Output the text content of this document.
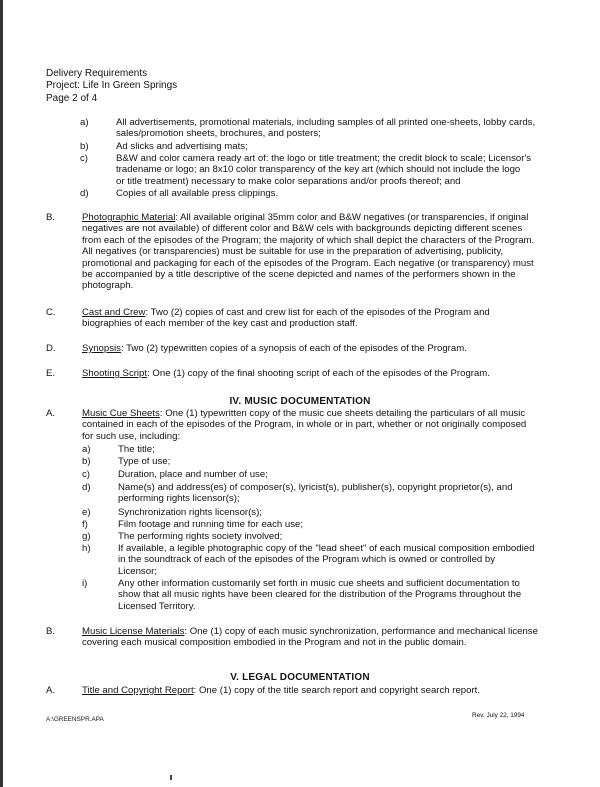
Delivery Requirements
Project: Life In Green Springs
Page 2 of 4
a)	All advertisements, promotional materials, including samples of all printed one-sheets, lobby cards,
sales/promotion sheets, brochures, and posters;
b)	Ad slicks and advertising mats;
c)	B&W and color camera ready art of: the logo or title treatment; the credit block to scale; Licensor's
tradename or logo; an 8x10 color transparency of the key art (which should not include the logo
or title treatment) necessary to make color separations and/or proofs thereof; and
d)	Copies of all available press clippings.
B.	Photographic Material: All available original 35mm color and B&W negatives (or transparencies, if original
negatives are not available) of different color and B&W cels with backgrounds depicting different scenes
from each of the episodes of the Program; the majority of which shall depict the characters of the Program.
All negatives (or transparencies) must be suitable for use in the preparation of advertising, publicity,
promotional and packaging for each of the episodes of the Program. Each negative (or transparency) must
be accompanied by a title descriptive of the scene depicted and names of the performers shown in the
photograph.
C.	Cast and Crew: Two (2) copies of cast and crew list for each of the episodes of the Program and
biographies of each member of the key cast and production staff.
D.	Synopsis: Two (2) typewritten copies of a synopsis of each of the episodes of the Program.
E.	Shooting Script: One (1) copy of the final shooting script of each of the episodes of the Program.
IV. MUSIC DOCUMENTATION
A.	Music Cue Sheets: One (1) typewritten copy of the music cue sheets detailing the particulars of all music
contained in each of the episodes of the Program, in whole or in part, whether or not originally composed
for such use, including:
a)	The title;
b)	Type of use;
c)	Duration, place and number of use;
d)	Name(s) and address(es) of composer(s), lyricist(s), publisher(s), copyright proprietor(s), and
performing rights licensor(s);
e)	Synchronization rights licensor(s);
f)	Film footage and running time for each use;
g)	The performing rights society involved;
h)	If available, a legible photographic copy of the "lead sheet" of each musical composition embodied
in the soundtrack of each of the episodes of the Program which is owned or controlled by
Licensor;
i)	Any other information customarily set forth in music cue sheets and sufficient documentation to
show that all music rights have been cleared for the distribution of the Programs throughout the
Licensed Territory.
B.	Music License Materials: One (1) copy of each music synchronization, performance and mechanical license
covering each musical composition embodied in the Program and not in the public domain.
V. LEGAL DOCUMENTATION
A.	Title and Copyright Report: One (1) copy of the title search report and copyright search report.
A:\GREENSPR.APA
Rev. July 22, 1994
